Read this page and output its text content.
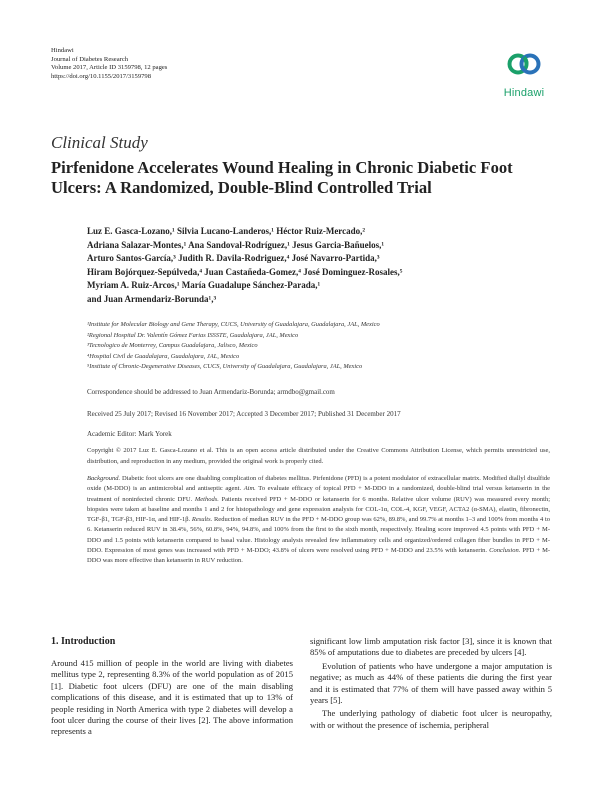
Hindawi
Journal of Diabetes Research
Volume 2017, Article ID 3159798, 12 pages
https://doi.org/10.1155/2017/3159798
Hindawi
Clinical Study
Pirfenidone Accelerates Wound Healing in Chronic Diabetic Foot Ulcers: A Randomized, Double-Blind Controlled Trial
Luz E. Gasca-Lozano,¹ Silvia Lucano-Landeros,¹ Héctor Ruiz-Mercado,²
Adriana Salazar-Montes,¹ Ana Sandoval-Rodríguez,¹ Jesus Garcia-Bañuelos,¹
Arturo Santos-García,³ Judith R. Davila-Rodriguez,⁴ José Navarro-Partida,³
Hiram Bojórquez-Sepúlveda,⁴ Juan Castañeda-Gomez,⁴ José Dominguez-Rosales,⁵
Myriam A. Ruiz-Arcos,¹ María Guadalupe Sánchez-Parada,¹
and Juan Armendariz-Borunda¹,³
¹Institute for Molecular Biology and Gene Therapy, CUCS, University of Guadalajara, Guadalajara, JAL, Mexico
²Regional Hospital Dr. Valentín Gómez Farias ISSSTE, Guadalajara, JAL, Mexico
³Tecnologico de Monterrey, Campus Guadalajara, Jalisco, Mexico
⁴Hospital Civil de Guadalajara, Guadalajara, JAL, Mexico
⁵Institute of Chronic-Degenerative Diseases, CUCS, University of Guadalajara, Guadalajara, JAL, Mexico
Correspondence should be addressed to Juan Armendariz-Borunda; armdbo@gmail.com
Received 25 July 2017; Revised 16 November 2017; Accepted 3 December 2017; Published 31 December 2017
Academic Editor: Mark Yorek
Copyright © 2017 Luz E. Gasca-Lozano et al. This is an open access article distributed under the Creative Commons Attribution License, which permits unrestricted use, distribution, and reproduction in any medium, provided the original work is properly cited.
Background. Diabetic foot ulcers are one disabling complication of diabetes mellitus. Pirfenidone (PFD) is a potent modulator of extracellular matrix. Modified diallyl disulfide oxide (M-DDO) is an antimicrobial and antiseptic agent. Aim. To evaluate efficacy of topical PFD + M-DDO in a randomized, double-blind trial versus ketanserin in the treatment of noninfected chronic DFU. Methods. Patients received PFD + M-DDO or ketanserin for 6 months. Relative ulcer volume (RUV) was measured every month; biopsies were taken at baseline and months 1 and 2 for histopathology and gene expression analysis for COL-1α, COL-4, KGF, VEGF, ACTA2 (α-SMA), elastin, fibronectin, TGF-β1, TGF-β3, HIF-1α, and HIF-1β. Results. Reduction of median RUV in the PFD + M-DDO group was 62%, 89.8%, and 99.7% at months 1–3 and 100% from months 4 to 6. Ketanserin reduced RUV in 38.4%, 56%, 60.8%, 94%, 94.8%, and 100% from the first to the sixth month, respectively. Healing score improved 4.5 points with PFD + M-DDO and 1.5 points with ketanserin compared to basal value. Histology analysis revealed few inflammatory cells and organized/ordered collagen fiber bundles in PFD + M-DDO. Expression of most genes was increased with PFD + M-DDO; 43.8% of ulcers were resolved using PFD + M-DDO and 23.5% with ketanserin. Conclusion. PFD + M-DDO was more effective than ketanserin in RUV reduction.
1. Introduction

Around 415 million of people in the world are living with diabetes mellitus type 2, representing 8.3% of the world population as of 2015 [1]. Diabetic foot ulcers (DFU) are one of the main disabling complications of this disease, and it is estimated that up to 13% of people residing in North America with type 2 diabetes will develop a foot ulcer during the course of their lives [2]. The above information represents a

significant low limb amputation risk factor [3], since it is known that 85% of amputations due to diabetes are preceded by ulcers [4].

Evolution of patients who have undergone a major amputation is negative; as much as 44% of these patients die during the first year and it is estimated that 77% of them will have passed away within 5 years [5].

The underlying pathology of diabetic foot ulcer is neuropathy, with or without the presence of ischemia, peripheral
